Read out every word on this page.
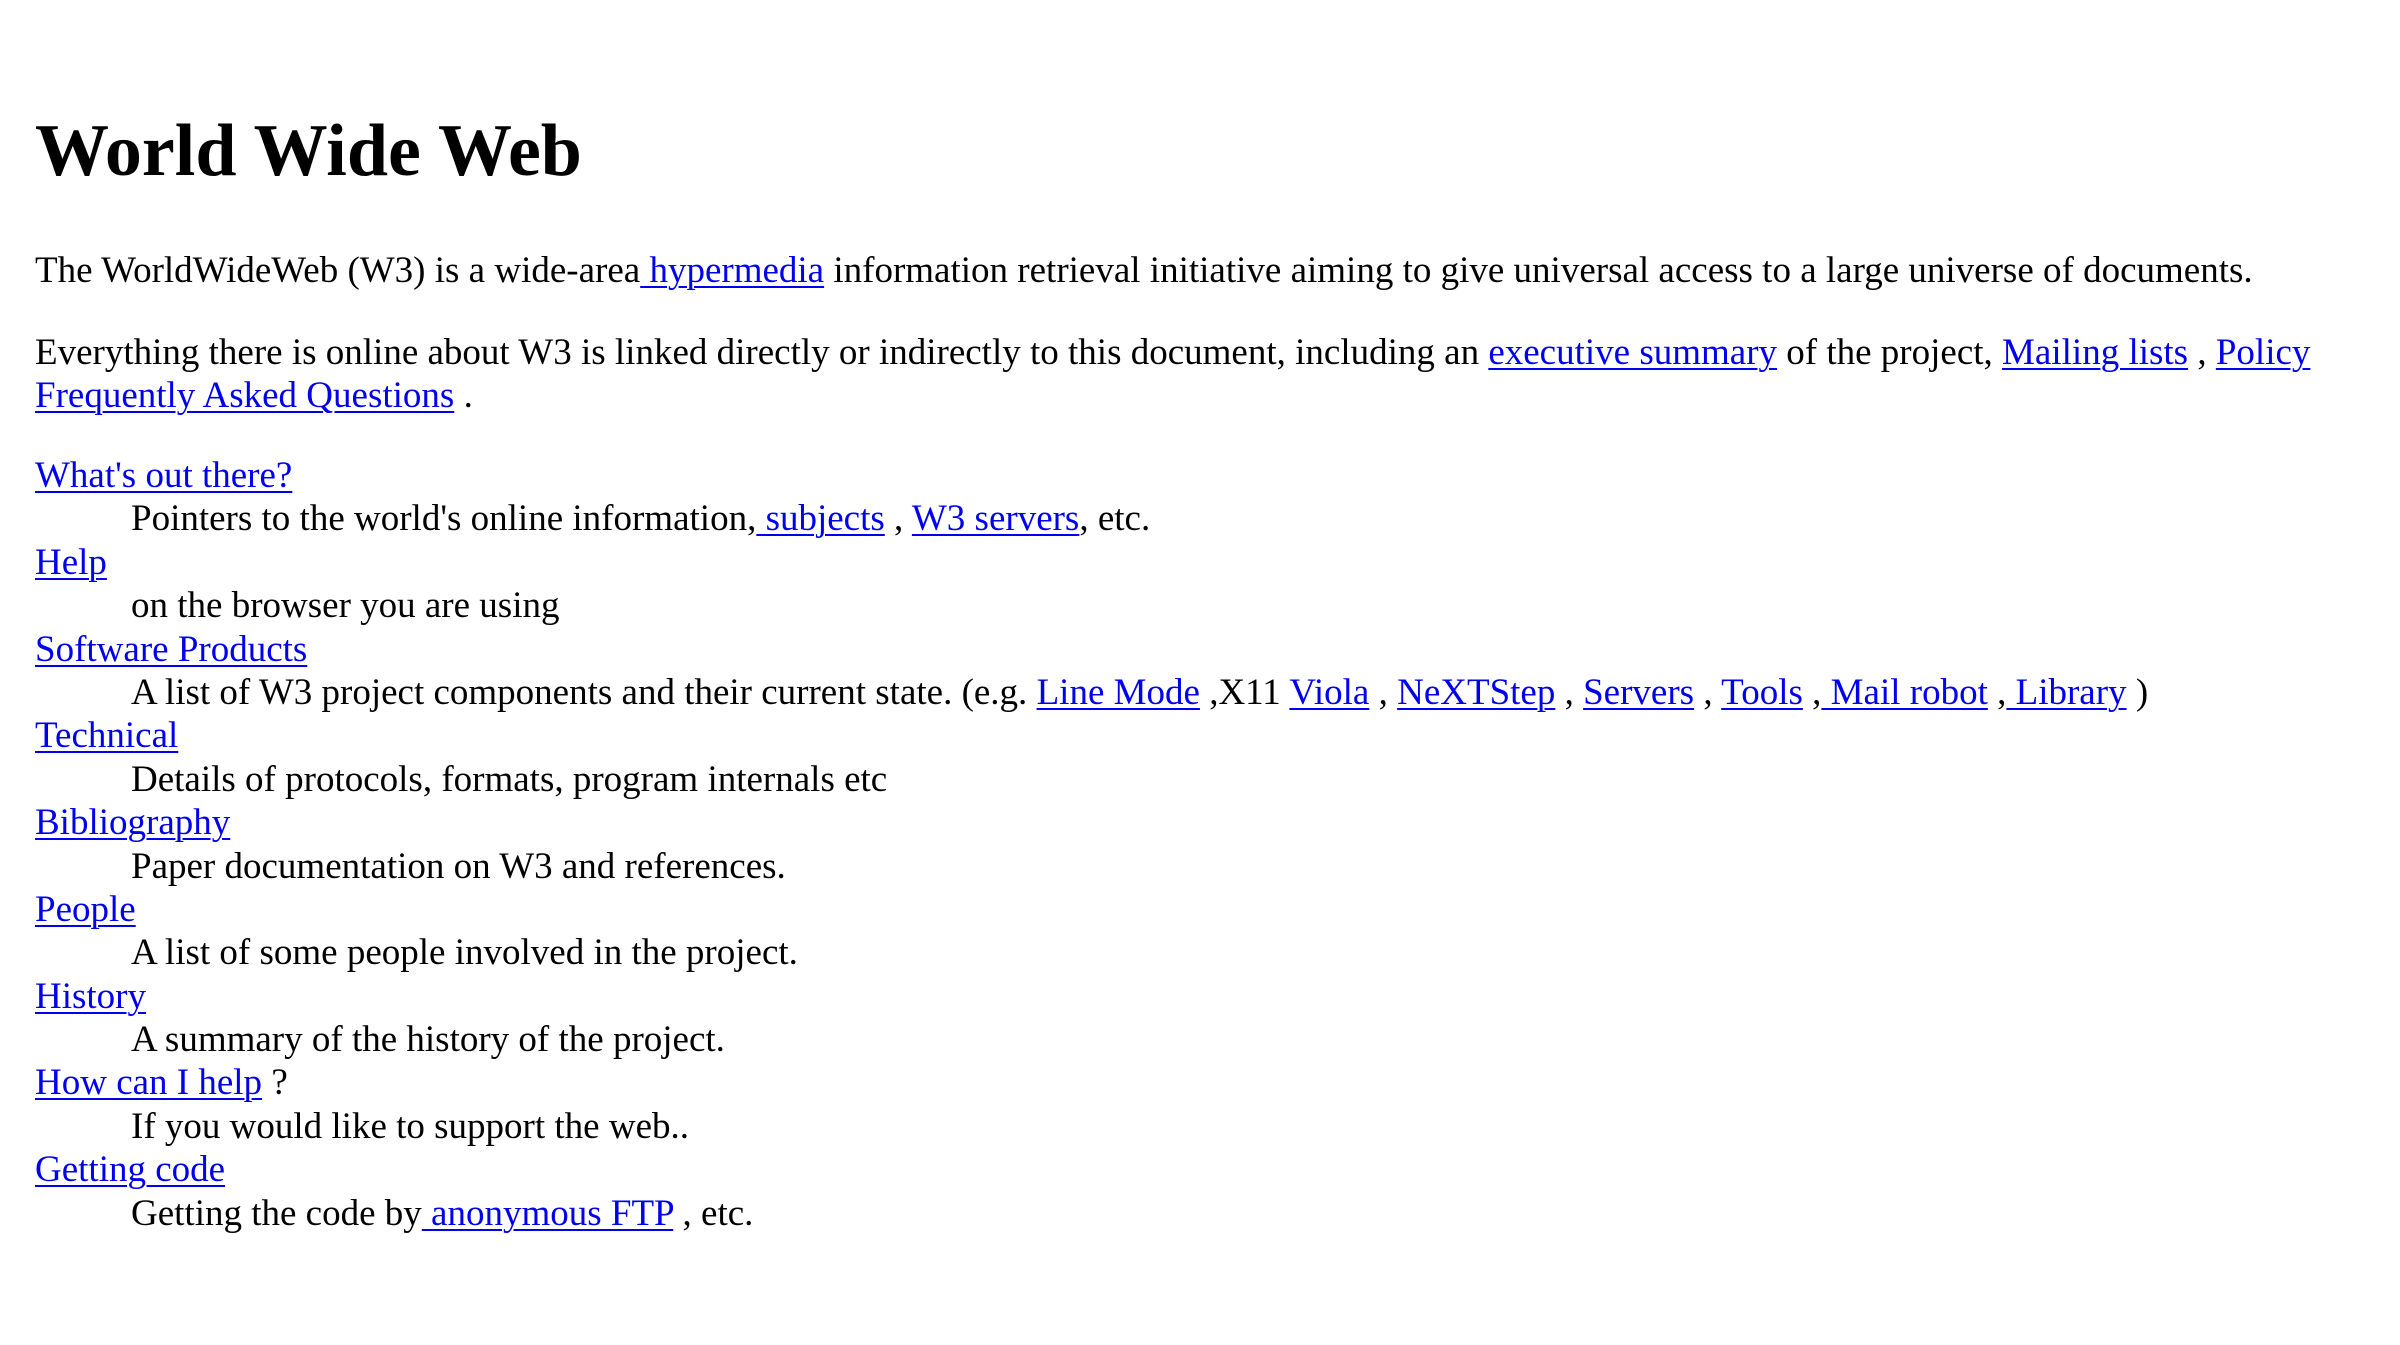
World Wide Web

The WorldWideWeb (W3) is a wide-area hypermedia information retrieval initiative aiming to give universal access to a large universe of documents.

Everything there is online about W3 is linked directly or indirectly to this document, including an executive summary of the project, Mailing lists , Policy

Frequently Asked Questions .

What's out there?
Pointers to the world's online information, subjects , W3 servers, etc.
Help
on the browser you are using
Software Products
A list of W3 project components and their current state. (e.g. Line Mode ,X11 Viola , NeXTStep , Servers , Tools , Mail robot , Library )
Technical
Details of protocols, formats, program internals etc
Bibliography
Paper documentation on W3 and references.
People
A list of some people involved in the project.
History
A summary of the history of the project.
How can I help ?
If you would like to support the web..
Getting code
Getting the code by anonymous FTP , etc.
